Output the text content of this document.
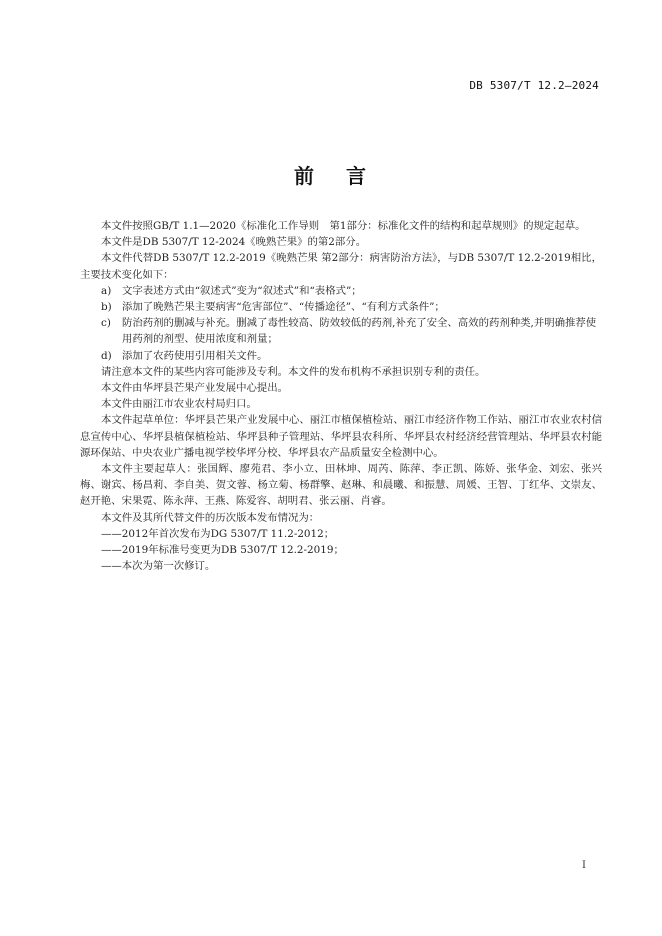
DB 5307/T 12.2—2024
前 言

本文件按照GB/T 1.1—2020《标准化工作导则　第1部分：标准化文件的结构和起草规则》的规定起草。

本文件是DB 5307/T 12-2024《晚熟芒果》的第2部分。

本文件代替DB 5307/T 12.2-2019《晚熟芒果 第2部分：病害防治方法》，与DB 5307/T 12.2-2019相比，主要技术变化如下：

a) 文字表述方式由“叙述式”变为“叙述式”和“表格式”；

b) 添加了晚熟芒果主要病害“危害部位”、“传播途径”、“有利方式条件”；

c) 防治药剂的删减与补充。删减了毒性较高、防效较低的药剂,补充了安全、高效的药剂种类,并明确推荐使用药剂的剂型、使用浓度和剂量；

d) 添加了农药使用引用相关文件。

请注意本文件的某些内容可能涉及专利。本文件的发布机构不承担识别专利的责任。

本文件由华坪县芒果产业发展中心提出。

本文件由丽江市农业农村局归口。

本文件起草单位：华坪县芒果产业发展中心、丽江市植保植检站、丽江市经济作物工作站、丽江市农业农村信息宣传中心、华坪县植保植检站、华坪县种子管理站、华坪县农科所、华坪县农村经济经营管理站、华坪县农村能源环保站、中央农业广播电视学校华坪分校、华坪县农产品质量安全检测中心。

本文件主要起草人：张国辉、廖苑君、李小立、田林坤、周芮、陈萍、李正凯、陈娇、张华金、刘宏、张兴梅、谢宾、杨昌莉、李自美、贺文蓉、杨立菊、杨群擎、赵琳、和晨曦、和振慧、周媛、王智、丁红华、文崇友、赵开艳、宋果霓、陈永萍、王燕、陈爱容、胡明君、张云丽、肖睿。

本文件及其所代替文件的历次版本发布情况为：

——2012年首次发布为DG 5307/T 11.2-2012；

——2019年标准号变更为DB 5307/T 12.2-2019；

——本次为第一次修订。

I
